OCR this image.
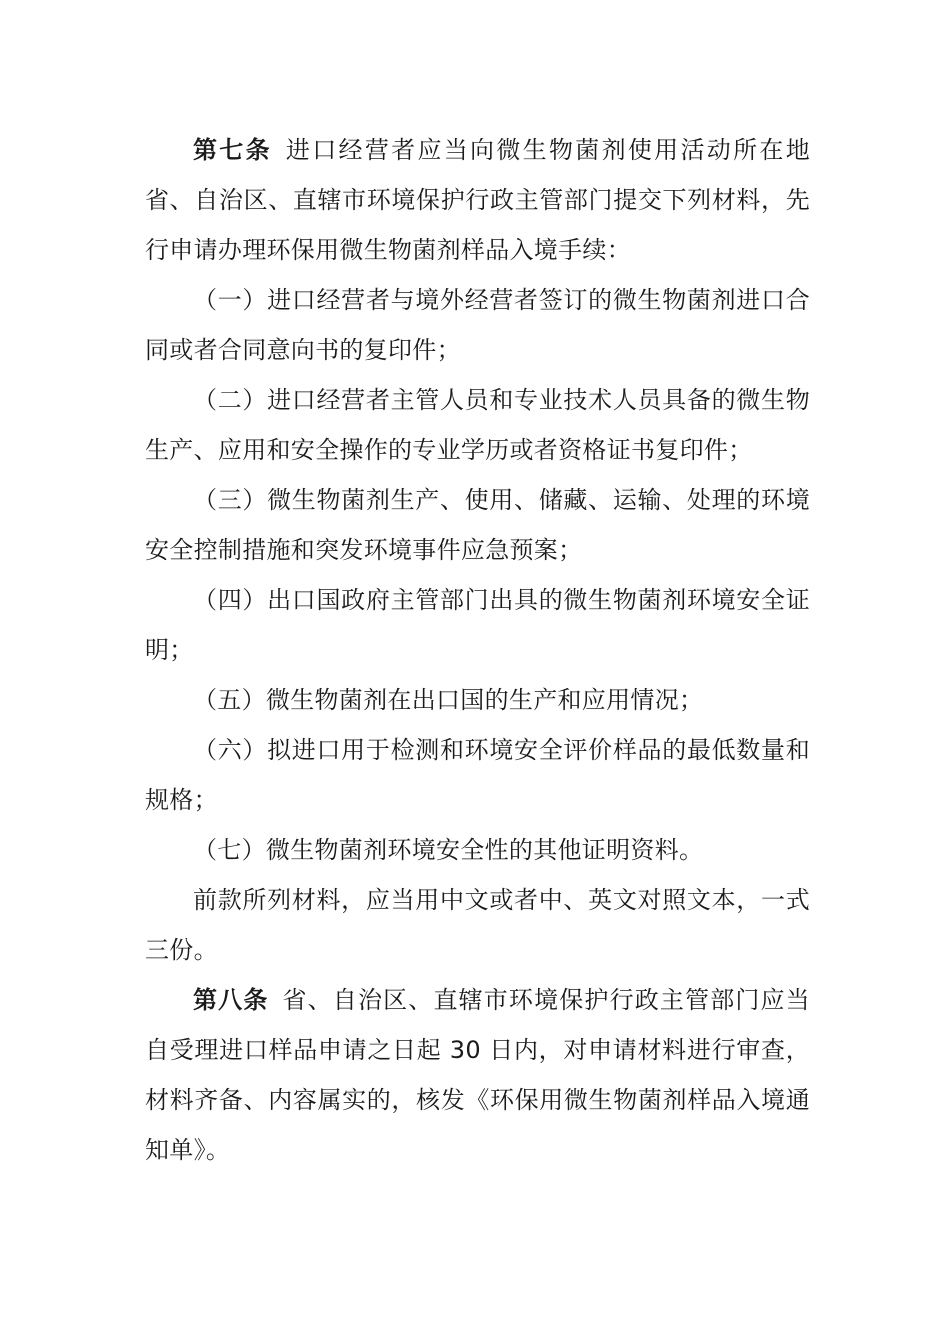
第七条 进口经营者应当向微生物菌剂使用活动所在地省、自治区、直辖市环境保护行政主管部门提交下列材料，先行申请办理环保用微生物菌剂样品入境手续：

（一）进口经营者与境外经营者签订的微生物菌剂进口合同或者合同意向书的复印件；

（二）进口经营者主管人员和专业技术人员具备的微生物生产、应用和安全操作的专业学历或者资格证书复印件；

（三）微生物菌剂生产、使用、储藏、运输、处理的环境安全控制措施和突发环境事件应急预案；

（四）出口国政府主管部门出具的微生物菌剂环境安全证明；

（五）微生物菌剂在出口国的生产和应用情况；

（六）拟进口用于检测和环境安全评价样品的最低数量和规格；

（七）微生物菌剂环境安全性的其他证明资料。

前款所列材料，应当用中文或者中、英文对照文本，一式三份。

第八条 省、自治区、直辖市环境保护行政主管部门应当自受理进口样品申请之日起 30 日内，对申请材料进行审查，材料齐备、内容属实的，核发《环保用微生物菌剂样品入境通知单》。
